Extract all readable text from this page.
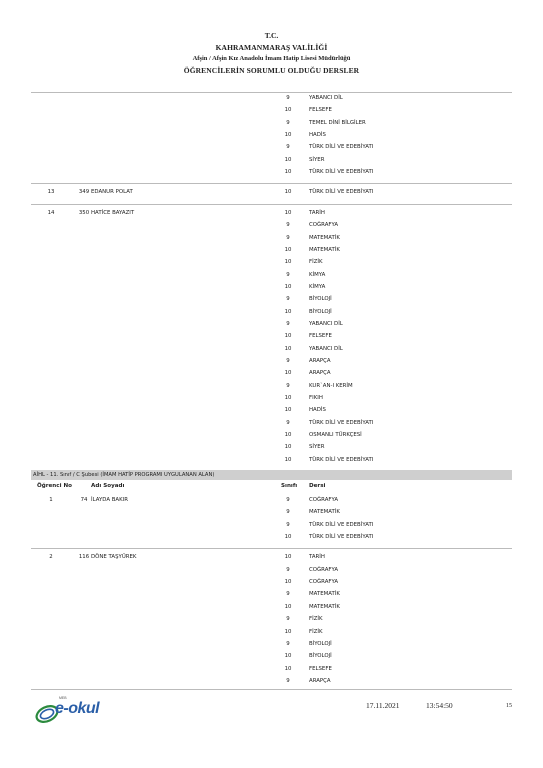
T.C.
KAHRAMANMARAŞ VALİLİĞİ
Afşin / Afşin Kız Anadolu İmam Hatip Lisesi Müdürlüğü
ÖĞRENCİLERİN SORUMLU OLDUĞU DERSLER
9	YABANCI DİL
10	FELSEFE
9	TEMEL DİNİ BİLGİLER
10	HADİS
9	TÜRK DİLİ VE EDEBİYATI
10	SİYER
10	TÜRK DİLİ VE EDEBİYATI
13	349 EDANUR POLAT	10	TÜRK DİLİ VE EDEBİYATI
14	350 HATİCE BAYAZIT	10	TARİH
9	COĞRAFYA
9	MATEMATİK
10	MATEMATİK
10	FİZİK
9	KİMYA
10	KİMYA
9	BİYOLOJİ
10	BİYOLOJİ
9	YABANCI DİL
10	FELSEFE
10	YABANCI DİL
9	ARAPÇA
10	ARAPÇA
9	KUR`AN-I KERİM
10	FIKIH
10	HADİS
9	TÜRK DİLİ VE EDEBİYATI
10	OSMANLI TÜRKÇESİ
10	SİYER
10	TÜRK DİLİ VE EDEBİYATI
1	74 İLAYDA BAKIR	9	COĞRAFYA
9	MATEMATİK
9	TÜRK DİLİ VE EDEBİYATI
10	TÜRK DİLİ VE EDEBİYATI
2	116 DÖNE TAŞYÜREK	10	TARİH
9	COĞRAFYA
10	COĞRAFYA
9	MATEMATİK
10	MATEMATİK
9	FİZİK
10	FİZİK
9	BİYOLOJİ
10	BİYOLOJİ
10	FELSEFE
9	ARAPÇA
AİHL - 11. Sınıf / C Şubesi (İMAM HATİP PROGRAMI UYGULANAN ALAN)
Öğrenci No	Adı Soyadı	Sınıfı Dersi
MEB
e-okul	17.11.2021	13:54:50	15
